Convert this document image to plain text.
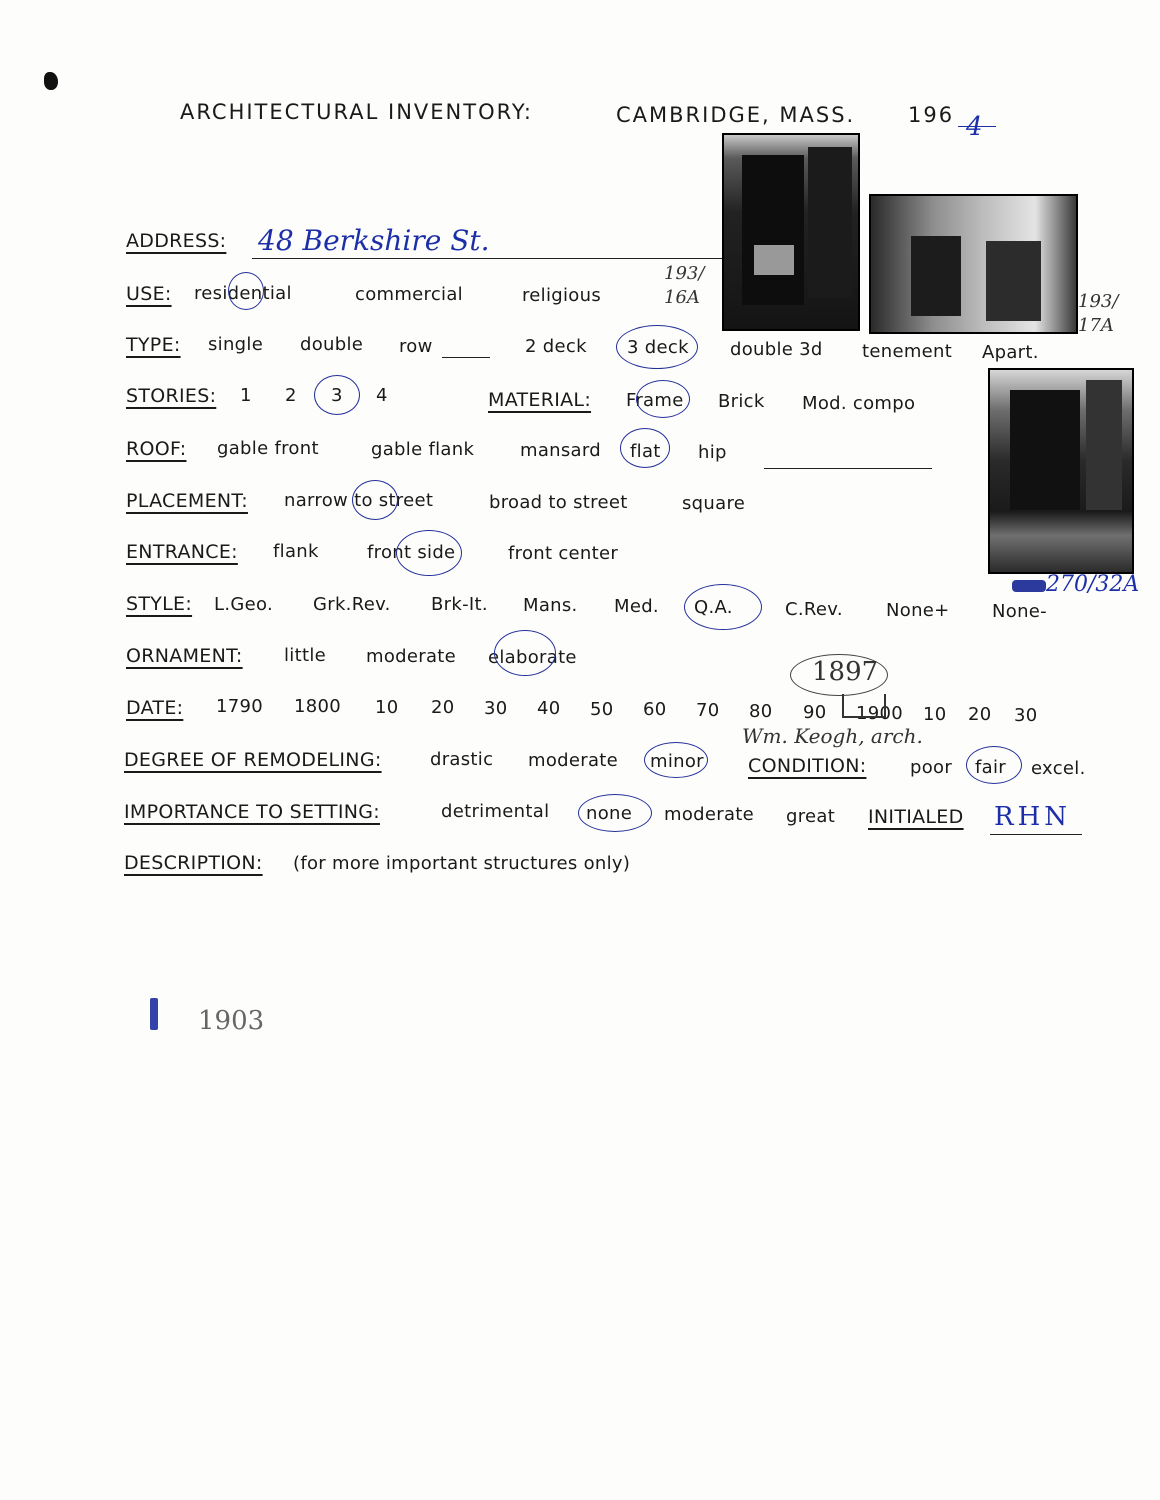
ARCHITECTURAL INVENTORY:	CAMBRIDGE, MASS.	196 4
193/ 16A	193/ 17A
270/32A
ADDRESS: 48 Berkshire St.
USE: residential	commercial	religious
TYPE: single double row	2 deck 3 deck double 3d tenement Apart.
STORIES: 1 2 3 4	MATERIAL: Frame Brick Mod. compo
ROOF: gable front	gable flank	mansard flat hip
PLACEMENT: narrow to street	broad to street	square
ENTRANCE: flank	front side	front center
STYLE: L.Geo. Grk.Rev. Brk-It. Mans. Med. Q.A.	C.Rev. None+ None-
ORNAMENT: little moderate elaborate
DATE: 1790 1800 10 20 30 40 50 60 70 80 90 1900 10 20 30
1897
Wm. Keogh, arch.
DEGREE OF REMODELING:	drastic moderate minor CONDITION: poor fair excel.
IMPORTANCE TO SETTING:	detrimental none moderate great INITIALED RHN
DESCRIPTION: (for more important structures only)
1903
